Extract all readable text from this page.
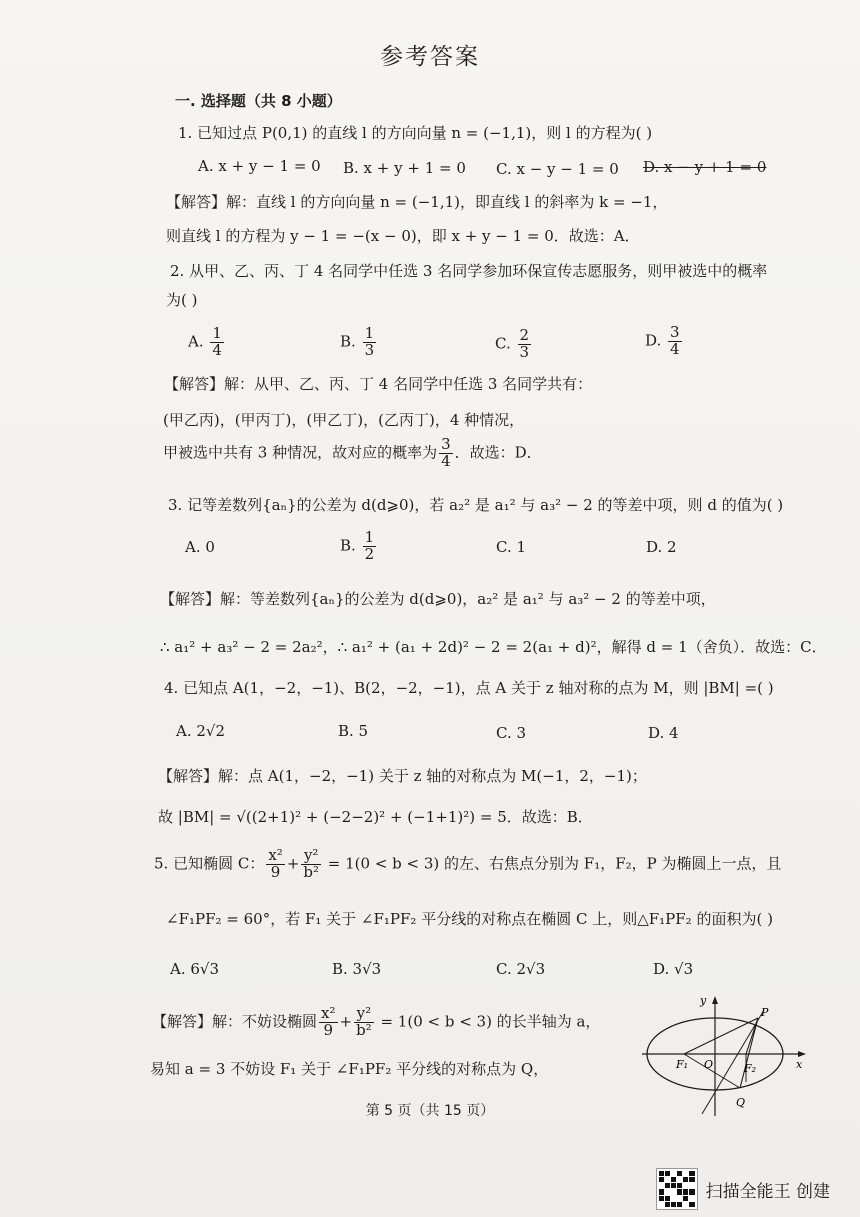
参考答案
一. 选择题（共 8 小题）
1. 已知过点 P(0,1) 的直线 l 的方向向量 n = (−1,1)，则 l 的方程为( )
A. x + y − 1 = 0 B. x + y + 1 = 0 C. x − y − 1 = 0 D. x − y + 1 = 0
【解答】解：直线 l 的方向向量 n = (−1,1)，即直线 l 的斜率为 k = −1，
则直线 l 的方程为 y − 1 = −(x − 0)，即 x + y − 1 = 0．故选：A．
2. 从甲、乙、丙、丁 4 名同学中任选 3 名同学参加环保宣传志愿服务，则甲被选中的概率
为( )
A. $\frac{1}{4}$	B. $\frac{1}{3}$	C. $\frac{2}{3}$	D. $\frac{3}{4}$
【解答】解：从甲、乙、丙、丁 4 名同学中任选 3 名同学共有：
(甲乙丙)，(甲丙丁)，(甲乙丁)，(乙丙丁)，4 种情况，
甲被选中共有 3 种情况，故对应的概率为 $\frac{3}{4}$ ．故选：D．
3. 记等差数列{aₙ}的公差为 d(d⩾0)，若 a₂² 是 a₁² 与 a₃² − 2 的等差中项，则 d 的值为( )
A. 0	B. $\frac{1}{2}$	C. 1	D. 2
【解答】解：等差数列{aₙ}的公差为 d(d⩾0)，a₂² 是 a₁² 与 a₃² − 2 的等差中项，
∴ a₁² + a₃² − 2 = 2a₂²，∴ a₁² + (a₁ + 2d)² − 2 = 2(a₁ + d)²，解得 d = 1（舍负）．故选：C．
4. 已知点 A(1，−2，−1)、B(2，−2，−1)，点 A 关于 z 轴对称的点为 M，则 |BM| =( )
A. 2√2	B. 5	C. 3	D. 4
【解答】解：点 A(1，−2，−1) 关于 z 轴的对称点为 M(−1，2，−1)；
故 |BM| = √((2+1)² + (−2−2)² + (−1+1)²) = 5．故选：B．
5. 已知椭圆 C： $\frac{\text{x²}}{9} + \frac{\text{y²}}{\text{b²}} = 1(0 < b < 3)$ 的左、右焦点分别为 F₁，F₂，P 为椭圆上一点，且
∠F₁PF₂ = 60°，若 F₁ 关于 ∠F₁PF₂ 平分线的对称点在椭圆 C 上，则△F₁PF₂ 的面积为( )
A. 6√3	B. 3√3	C. 2√3	D. √3
【解答】解：不妨设椭圆 $\frac{\text{x²}}{9} + \frac{\text{y²}}{\text{b²}} = 1(0 < b < 3)$ 的长半轴为 a，
易知 a = 3 不妨设 F₁ 关于 ∠F₁PF₂ 平分线的对称点为 Q，
y
P
F₁ O	F₂	x
Q
第 5 页（共 15 页）
扫描全能王 创建
